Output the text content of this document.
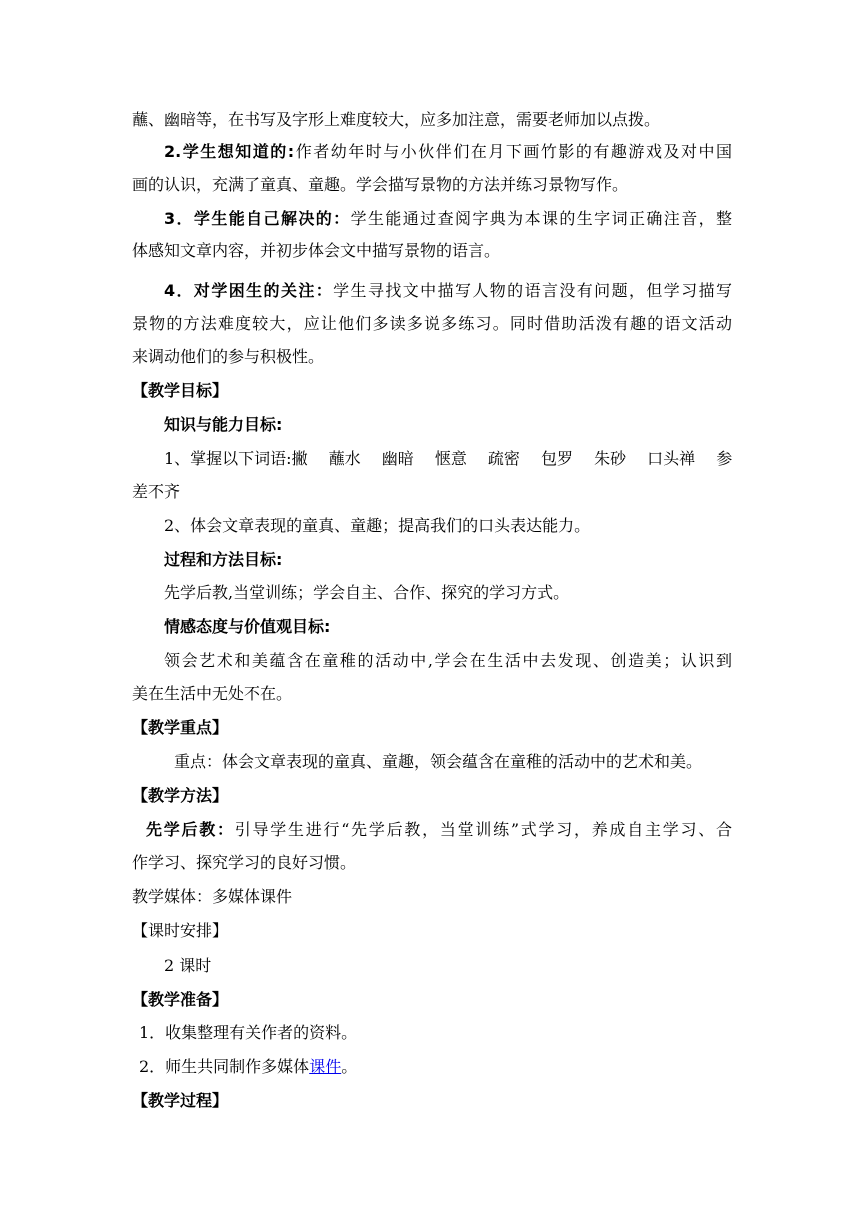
蘸、幽暗等，在书写及字形上难度较大，应多加注意，需要老师加以点拨。
2.学生想知道的:作者幼年时与小伙伴们在月下画竹影的有趣游戏及对中国
画的认识，充满了童真、童趣。学会描写景物的方法并练习景物写作。
3．学生能自己解决的：学生能通过查阅字典为本课的生字词正确注音，整
体感知文章内容，并初步体会文中描写景物的语言。
4．对学困生的关注：学生寻找文中描写人物的语言没有问题，但学习描写
景物的方法难度较大，应让他们多读多说多练习。同时借助活泼有趣的语文活动
来调动他们的参与积极性。
【教学目标】
知识与能力目标:
1、掌握以下词语:撇　 蘸水　 幽暗　 惬意　 疏密　 包罗　 朱砂　 口头禅　 参
差不齐
2、体会文章表现的童真、童趣；提高我们的口头表达能力。
过程和方法目标:
先学后教,当堂训练；学会自主、合作、探究的学习方式。
情感态度与价值观目标:
领会艺术和美蕴含在童稚的活动中,学会在生活中去发现、创造美；认识到
美在生活中无处不在。
【教学重点】
重点：体会文章表现的童真、童趣，领会蕴含在童稚的活动中的艺术和美。
【教学方法】
先学后教：引导学生进行“先学后教，当堂训练”式学习，养成自主学习、合
作学习、探究学习的良好习惯。
教学媒体：多媒体课件
【课时安排】
2 课时
【教学准备】
1．收集整理有关作者的资料。
2．师生共同制作多媒体课件。
【教学过程】
